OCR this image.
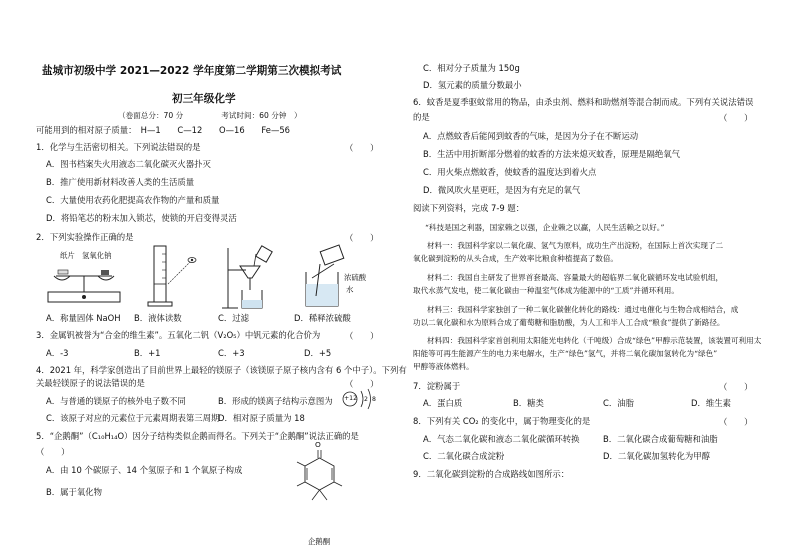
盐城市初级中学 2021—2022 学年度第二学期第三次模拟考试
初三年级化学
（卷面总分：70 分　　　　　考试时间：60 分钟　）
可能用到的相对原子质量：　H—1　　C—12　　O—16　　Fe—56
1．化学与生活密切相关。下列说法错误的是	（　　）
A．图书档案失火用液态二氧化碳灭火器扑灭
B．推广使用新材料改善人类的生活质量
C．大量使用农药化肥提高农作物的产量和质量
D．将铅笔芯的粉末加入锁芯，使锁的开启变得灵活
2．下列实验操作正确的是	（　　）
纸片 氢氧化钠
浓硫酸
水
A．称量固体 NaOH B．液体读数	C．过滤	D．稀释浓硫酸
3．金属钒被誉为“合金的维生素”。五氧化二钒（V₂O₅）中钒元素的化合价为	（　　）
A．-3	B．+1	C．+3	D．+5
4．2021 年，科学家创造出了目前世界上最轻的镁原子（该镁原子原子核内含有 6 个中子）。下列有
关最轻镁原子的说法错误的是	（　　）
A．与普通的镁原子的核外电子数不同	B．形成的镁离子结构示意图为 +12 2 8
C．该原子对应的元素位于元素周期表第三周期
D．相对原子质量为 18
5．“企鹅酮”（C₁₀H₁₄O）因分子结构类似企鹅而得名。下列关于“企鹅酮”说法正确的是
（　　）
A．由 10 个碳原子、14 个氢原子和 1 个氧原子构成
B．属于氧化物
O
企鹅酮
C．相对分子质量为 150g
D．氢元素的质量分数最小
6．蚊香是夏季驱蚊常用的物品，由杀虫剂、燃料和助燃剂等混合制而成。下列有关说法错误
的是	（　　）
A．点燃蚊香后能闻到蚊香的气味，是因为分子在不断运动
B．生活中用折断部分燃着的蚊香的方法来熄灭蚊香，原理是隔绝氧气
C．用火柴点燃蚊香，使蚊香的温度达到着火点
D．微风吹火星更旺，是因为有充足的氧气
阅读下列资料，完成 7-9 题：
“科技是国之利器，国家赖之以强，企业赖之以赢，人民生活赖之以好。”
材料一：我国科学家以二氧化碳、氢气为原料，成功生产出淀粉，在国际上首次实现了二
氧化碳到淀粉的从头合成，生产效率比粮食种植提高了数倍。
材料二：我国自主研发了世界首套最高、容量最大的超临界二氧化碳循环发电试验机组，
取代水蒸气发电，使二氧化碳由一种温室气体成为能源中的“工质”并循环利用。
材料三：我国科学家独创了一种二氧化碳催化转化的路线：通过电催化与生物合成相结合，成
功以二氧化碳和水为原料合成了葡萄糖和脂肪酸，为人工和半人工合成“粮食”提供了新路径。
材料四：我国科学家首创利用太阳能光电转化（千吨级）合成“绿色”甲醇示范装置，该装置可利用太
阳能等可再生能源产生的电力来电解水，生产“绿色”氢气，并将二氧化碳加氢转化为“绿色”
甲醇等液体燃料。
7．淀粉属于	（　　）
A．蛋白质	B．糖类	C．油脂	D．维生素
8．下列有关 CO₂ 的变化中，属于物理变化的是	（　　）
A．气态二氧化碳和液态二氧化碳循环转换	B．二氧化碳合成葡萄糖和油脂
C．二氧化碳合成淀粉	D．二氧化碳加氢转化为甲醇
9．二氧化碳到淀粉的合成路线如图所示：
